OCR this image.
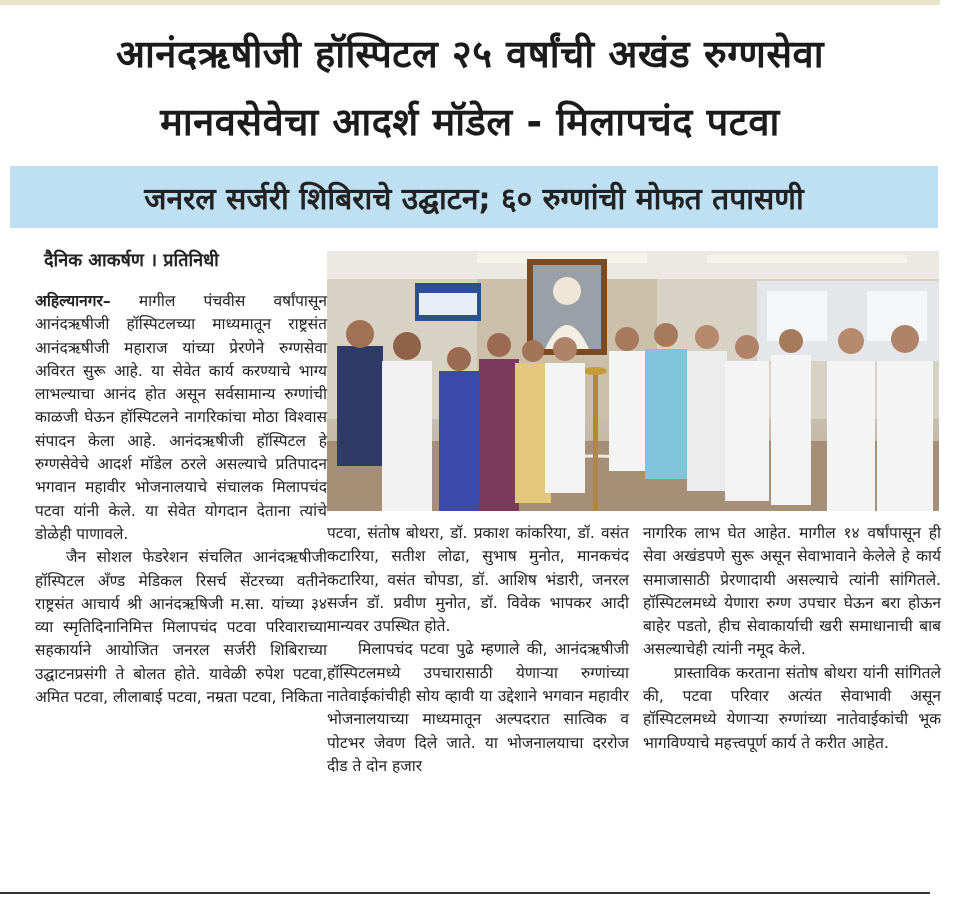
आनंदऋषीजी हॉस्पिटल २५ वर्षांची अखंड रुग्णसेवा
मानवसेवेचा आदर्श मॉडेल - मिलापचंद पटवा
जनरल सर्जरी शिबिराचे उद्घाटन; ६० रुग्णांची मोफत तपासणी
दैनिक आकर्षण । प्रतिनिधी

अहिल्यानगर– मागील पंचवीस वर्षांपासून आनंदऋषीजी हॉस्पिटलच्या माध्यमातून राष्ट्रसंत आनंदऋषीजी महाराज यांच्या प्रेरणेने रुग्णसेवा अविरत सुरू आहे. या सेवेत कार्य करण्याचे भाग्य लाभल्याचा आनंद होत असून सर्वसामान्य रुग्णांची काळजी घेऊन हॉस्पिटलने नागरिकांचा मोठा विश्वास संपादन केला आहे. आनंदऋषीजी हॉस्पिटल हे रुग्णसेवेचे आदर्श मॉडेल ठरले असल्याचे प्रतिपादन भगवान महावीर भोजनालयाचे संचालक मिलापचंद पटवा यांनी केले. या सेवेत योगदान देताना त्यांचे डोळेही पाणावले.

जैन सोशल फेडरेशन संचलित आनंदऋषीजी हॉस्पिटल अँण्ड मेडिकल रिसर्च सेंटरच्या वतीने राष्ट्रसंत आचार्य श्री आनंदऋषिजी म.सा. यांच्या ३४ व्या स्मृतिदिनानिमित्त मिलापचंद पटवा परिवाराच्या सहकार्याने आयोजित जनरल सर्जरी शिबिराच्या उद्घाटनप्रसंगी ते बोलत होते. यावेळी रुपेश पटवा, अमित पटवा, लीलाबाई पटवा, नम्रता पटवा, निकिता

पटवा, संतोष बोथरा, डॉ. प्रकाश कांकरिया, डॉ. वसंत कटारिया, सतीश लोढा, सुभाष मुनोत, मानकचंद कटारिया, वसंत चोपडा, डॉ. आशिष भंडारी, जनरल सर्जन डॉ. प्रवीण मुनोत, डॉ. विवेक भापकर आदी मान्यवर उपस्थित होते.

मिलापचंद पटवा पुढे म्हणाले की, आनंदऋषीजी हॉस्पिटलमध्ये उपचारासाठी येणाऱ्या रुग्णांच्या नातेवाईकांचीही सोय व्हावी या उद्देशाने भगवान महावीर भोजनालयाच्या माध्यमातून अल्पदरात सात्विक व पोटभर जेवण दिले जाते. या भोजनालयाचा दररोज दीड ते दोन हजार

नागरिक लाभ घेत आहेत. मागील १४ वर्षांपासून ही सेवा अखंडपणे सुरू असून सेवाभावाने केलेले हे कार्य समाजासाठी प्रेरणादायी असल्याचे त्यांनी सांगितले. हॉस्पिटलमध्ये येणारा रुग्ण उपचार घेऊन बरा होऊन बाहेर पडतो, हीच सेवाकार्याची खरी समाधानाची बाब असल्याचेही त्यांनी नमूद केले.

प्रास्ताविक करताना संतोष बोथरा यांनी सांगितले की, पटवा परिवार अत्यंत सेवाभावी असून हॉस्पिटलमध्ये येणाऱ्या रुग्णांच्या नातेवाईकांची भूक भागविण्याचे महत्त्वपूर्ण कार्य ते करीत आहेत.
